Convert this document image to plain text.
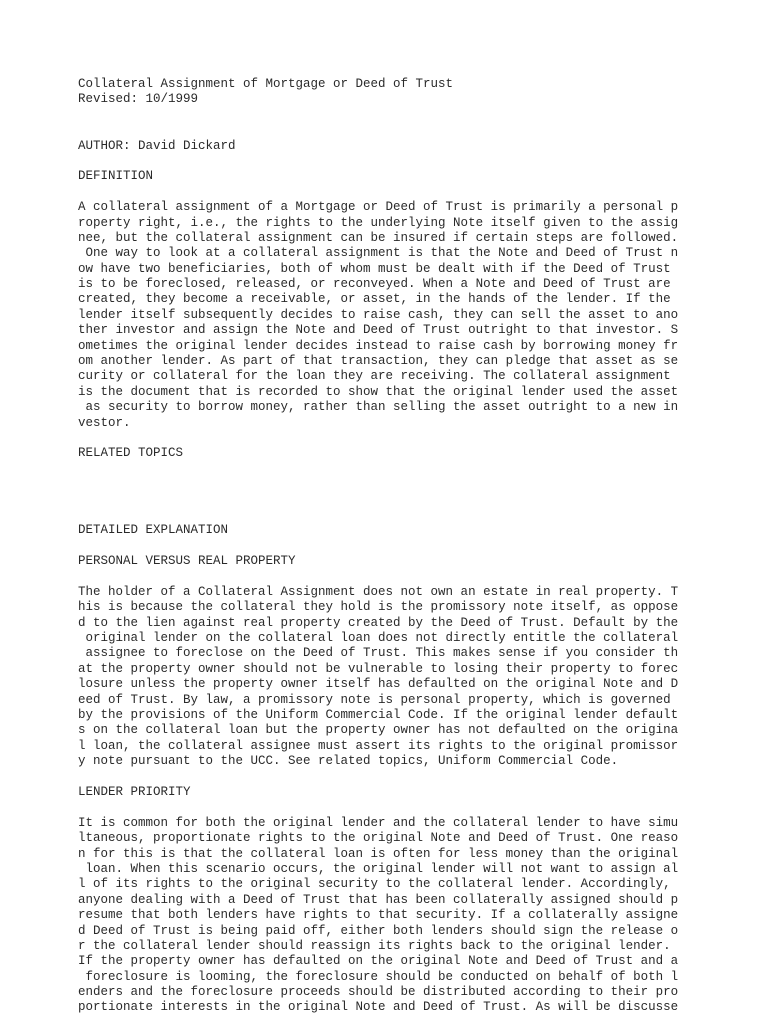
Collateral Assignment of Mortgage or Deed of Trust
Revised: 10/1999
AUTHOR: David Dickard
DEFINITION
A collateral assignment of a Mortgage or Deed of Trust is primarily a personal p
roperty right, i.e., the rights to the underlying Note itself given to the assig
nee, but the collateral assignment can be insured if certain steps are followed.
One way to look at a collateral assignment is that the Note and Deed of Trust n
ow have two beneficiaries, both of whom must be dealt with if the Deed of Trust
is to be foreclosed, released, or reconveyed. When a Note and Deed of Trust are
created, they become a receivable, or asset, in the hands of the lender. If the
lender itself subsequently decides to raise cash, they can sell the asset to ano
ther investor and assign the Note and Deed of Trust outright to that investor. S
ometimes the original lender decides instead to raise cash by borrowing money fr
om another lender. As part of that transaction, they can pledge that asset as se
curity or collateral for the loan they are receiving. The collateral assignment
is the document that is recorded to show that the original lender used the asset
as security to borrow money, rather than selling the asset outright to a new in
vestor.
RELATED TOPICS
DETAILED EXPLANATION
PERSONAL VERSUS REAL PROPERTY
The holder of a Collateral Assignment does not own an estate in real property. T
his is because the collateral they hold is the promissory note itself, as oppose
d to the lien against real property created by the Deed of Trust. Default by the
original lender on the collateral loan does not directly entitle the collateral
assignee to foreclose on the Deed of Trust. This makes sense if you consider th
at the property owner should not be vulnerable to losing their property to forec
losure unless the property owner itself has defaulted on the original Note and D
eed of Trust. By law, a promissory note is personal property, which is governed
by the provisions of the Uniform Commercial Code. If the original lender default
s on the collateral loan but the property owner has not defaulted on the origina
l loan, the collateral assignee must assert its rights to the original promissor
y note pursuant to the UCC. See related topics, Uniform Commercial Code.
LENDER PRIORITY
It is common for both the original lender and the collateral lender to have simu
ltaneous, proportionate rights to the original Note and Deed of Trust. One reaso
n for this is that the collateral loan is often for less money than the original
loan. When this scenario occurs, the original lender will not want to assign al
l of its rights to the original security to the collateral lender. Accordingly,
anyone dealing with a Deed of Trust that has been collaterally assigned should p
resume that both lenders have rights to that security. If a collaterally assigne
d Deed of Trust is being paid off, either both lenders should sign the release o
r the collateral lender should reassign its rights back to the original lender.
If the property owner has defaulted on the original Note and Deed of Trust and a
foreclosure is looming, the foreclosure should be conducted on behalf of both l
enders and the foreclosure proceeds should be distributed according to their pro
portionate interests in the original Note and Deed of Trust. As will be discusse
